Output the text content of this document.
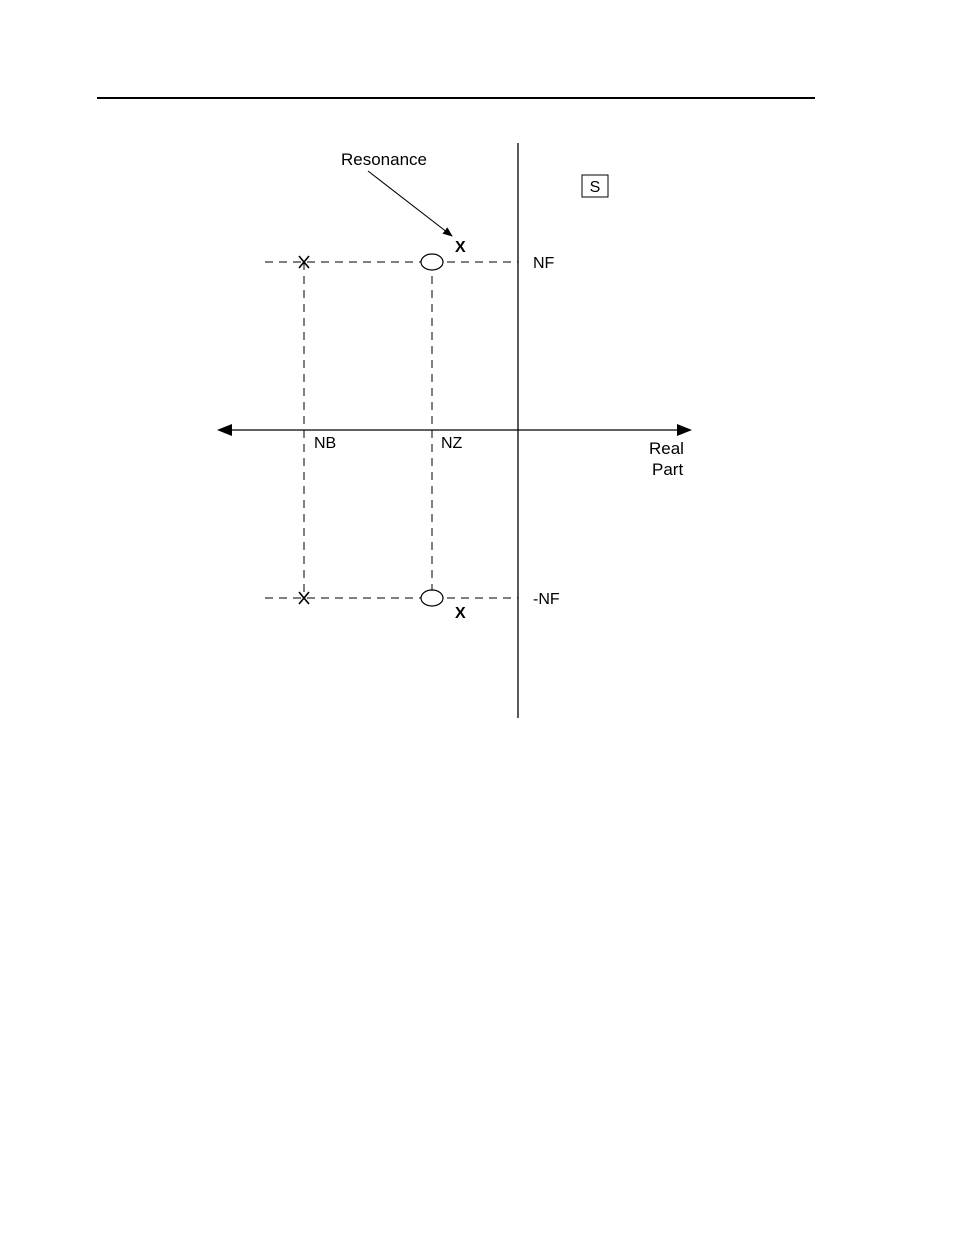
X
X
Resonance
S
NF
-NF
NB	NZ	Real
Part
